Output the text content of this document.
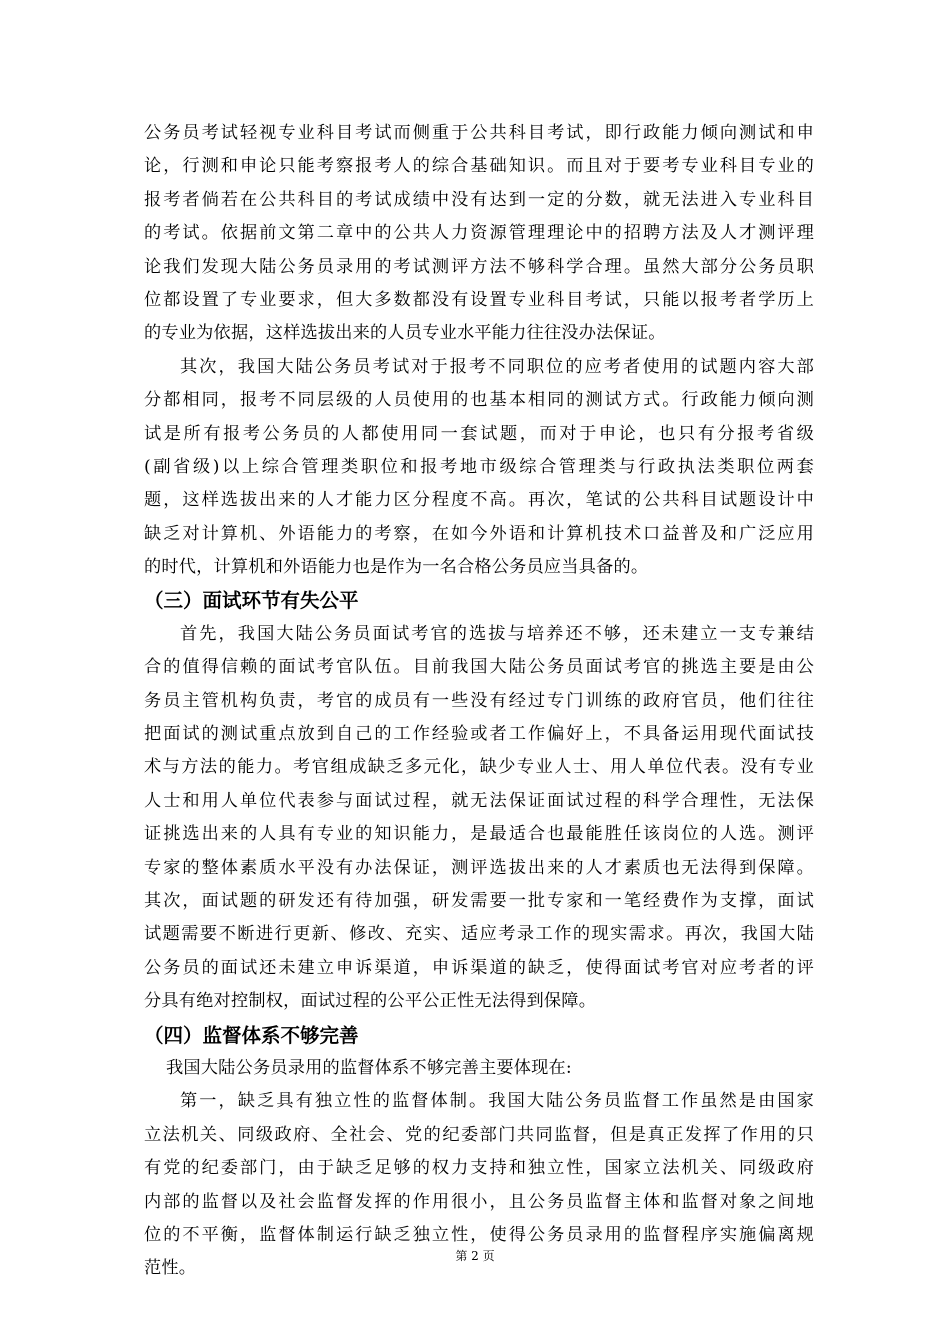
公务员考试轻视专业科目考试而侧重于公共科目考试，即行政能力倾向测试和申
论，行测和申论只能考察报考人的综合基础知识。而且对于要考专业科目专业的
报考者倘若在公共科目的考试成绩中没有达到一定的分数，就无法进入专业科目
的考试。依据前文第二章中的公共人力资源管理理论中的招聘方法及人才测评理
论我们发现大陆公务员录用的考试测评方法不够科学合理。虽然大部分公务员职
位都设置了专业要求，但大多数都没有设置专业科目考试，只能以报考者学历上
的专业为依据，这样选拔出来的人员专业水平能力往往没办法保证。
其次，我国大陆公务员考试对于报考不同职位的应考者使用的试题内容大部
分都相同，报考不同层级的人员使用的也基本相同的测试方式。行政能力倾向测
试是所有报考公务员的人都使用同一套试题，而对于申论，也只有分报考省级
(副省级)以上综合管理类职位和报考地市级综合管理类与行政执法类职位两套
题，这样选拔出来的人才能力区分程度不高。再次，笔试的公共科目试题设计中
缺乏对计算机、外语能力的考察，在如今外语和计算机技术口益普及和广泛应用
的时代，计算机和外语能力也是作为一名合格公务员应当具备的。
（三）面试环节有失公平
首先，我国大陆公务员面试考官的选拔与培养还不够，还未建立一支专兼结
合的值得信赖的面试考官队伍。目前我国大陆公务员面试考官的挑选主要是由公
务员主管机构负责，考官的成员有一些没有经过专门训练的政府官员，他们往往
把面试的测试重点放到自己的工作经验或者工作偏好上，不具备运用现代面试技
术与方法的能力。考官组成缺乏多元化，缺少专业人士、用人单位代表。没有专业
人士和用人单位代表参与面试过程，就无法保证面试过程的科学合理性，无法保
证挑选出来的人具有专业的知识能力，是最适合也最能胜任该岗位的人选。测评
专家的整体素质水平没有办法保证，测评选拔出来的人才素质也无法得到保障。
其次，面试题的研发还有待加强，研发需要一批专家和一笔经费作为支撑，面试
试题需要不断进行更新、修改、充实、适应考录工作的现实需求。再次，我国大陆
公务员的面试还未建立申诉渠道，申诉渠道的缺乏，使得面试考官对应考者的评
分具有绝对控制权，面试过程的公平公正性无法得到保障。
（四）监督体系不够完善
我国大陆公务员录用的监督体系不够完善主要体现在:
第一，缺乏具有独立性的监督体制。我国大陆公务员监督工作虽然是由国家
立法机关、同级政府、全社会、党的纪委部门共同监督，但是真正发挥了作用的只
有党的纪委部门，由于缺乏足够的权力支持和独立性，国家立法机关、同级政府
内部的监督以及社会监督发挥的作用很小，且公务员监督主体和监督对象之间地
位的不平衡，监督体制运行缺乏独立性，使得公务员录用的监督程序实施偏离规
范性。
第 2 页
